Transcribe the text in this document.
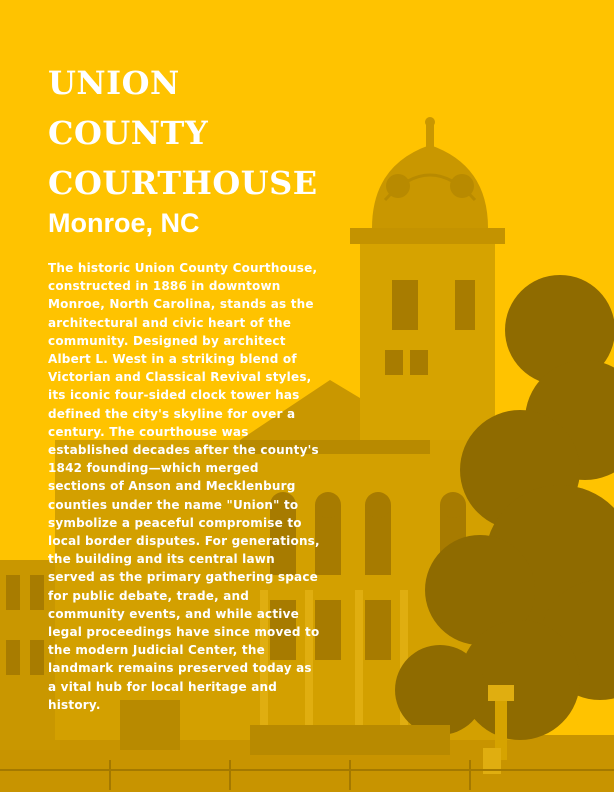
UNION
COUNTY
COURTHOUSE
Monroe, NC

The historic Union County Courthouse, constructed in 1886 in downtown Monroe, North Carolina, stands as the architectural and civic heart of the community. Designed by architect Albert L. West in a striking blend of Victorian and Classical Revival styles, its iconic four-sided clock tower has defined the city's skyline for over a century. The courthouse was established decades after the county's 1842 founding—which merged sections of Anson and Mecklenburg counties under the name "Union" to symbolize a peaceful compromise to local border disputes. For generations, the building and its central lawn served as the primary gathering space for public debate, trade, and community events, and while active legal proceedings have since moved to the modern Judicial Center, the landmark remains preserved today as a vital hub for local heritage and history.
